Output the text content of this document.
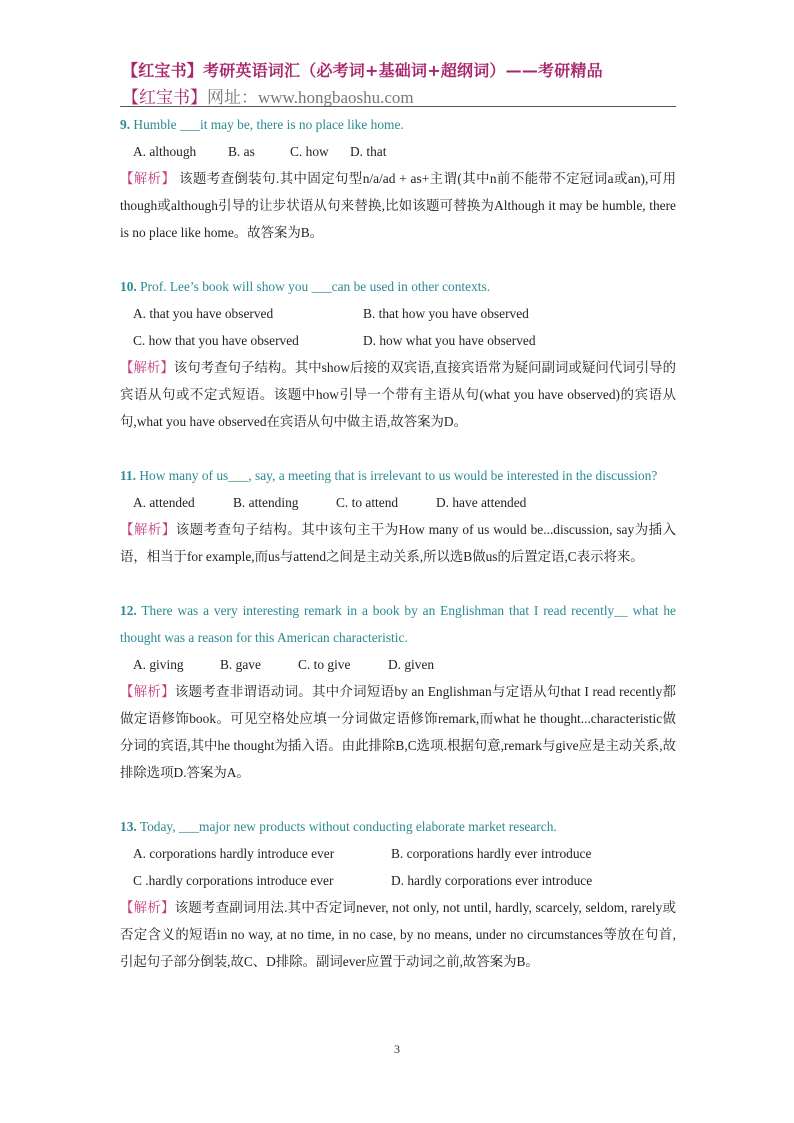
【红宝书】考研英语词汇（必考词+基础词+超纲词）——考研精品
【红宝书】网址：www.hongbaoshu.com

9. Humble ___it may be, there is no place like home.

A. although B. as	C. how D. that

【解析】 该题考查倒装句.其中固定句型n/a/ad + as+主谓(其中n前不能带不定冠词a或an),可用though或although引导的让步状语从句来替换,比如该题可替换为Although it may be humble, there is no place like home。故答案为B。

10. Prof. Lee’s book will show you ___can be used in other contexts.

A. that you have observed	B. that how you have observed

C. how that you have observed	D. how what you have observed

【解析】该句考查句子结构。其中show后接的双宾语,直接宾语常为疑问副词或疑问代词引导的宾语从句或不定式短语。该题中how引导一个带有主语从句(what you have observed)的宾语从句,what you have observed在宾语从句中做主语,故答案为D。

11. How many of us___, say, a meeting that is irrelevant to us would be interested in the discussion?

A. attended	B. attending	C. to attend	D. have attended

【解析】该题考查句子结构。其中该句主干为How many of us would be...discussion, say为插入语，相当于for example,而us与attend之间是主动关系,所以选B做us的后置定语,C表示将来。

12. There was a very interesting remark in a book by an Englishman that I read recently__ what he thought was a reason for this American characteristic.

A. giving	B. gave	C. to give	D. given

【解析】该题考查非谓语动词。其中介词短语by an Englishman与定语从句that I read recently都做定语修饰book。可见空格处应填一分词做定语修饰remark,而what he thought...characteristic做分词的宾语,其中he thought为插入语。由此排除B,C选项.根据句意,remark与give应是主动关系,故排除选项D.答案为A。

13. Today, ___major new products without conducting elaborate market research.

A. corporations hardly introduce ever	B. corporations hardly ever introduce

C .hardly corporations introduce ever	D. hardly corporations ever introduce

【解析】该题考查副词用法.其中否定词never, not only, not until, hardly, scarcely, seldom, rarely或否定含义的短语in no way, at no time, in no case, by no means, under no circumstances等放在句首,引起句子部分倒装,故C、D排除。副词ever应置于动词之前,故答案为B。

3
